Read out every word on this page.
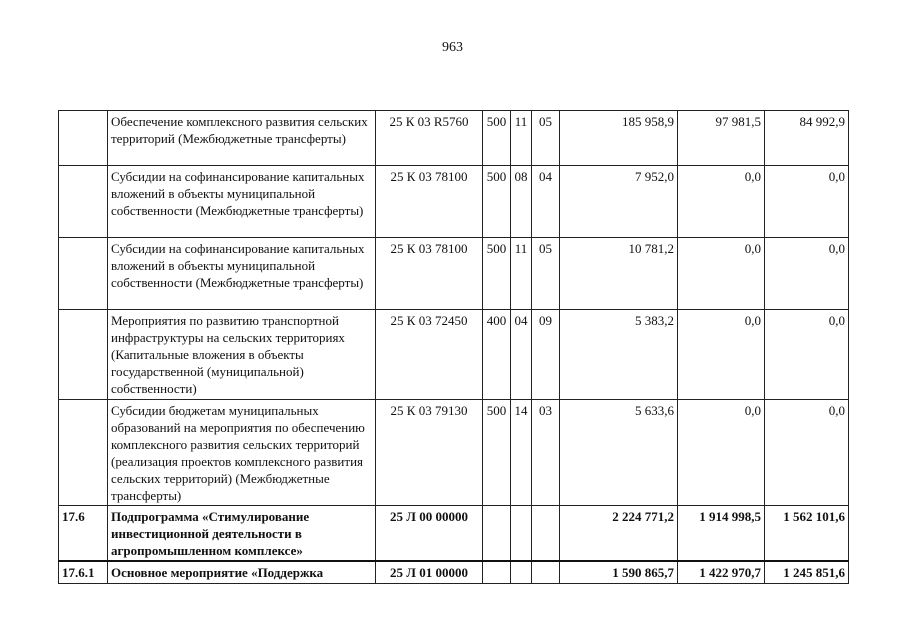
963
	Обеспечение комплексного развития сельских территорий (Межбюджетные трансферты)	25 К 03 R5760	500	11	05	185 958,9	97 981,5	84 992,9
	Субсидии на софинансирование капитальных вложений в объекты муниципальной собственности (Межбюджетные трансферты)	25 К 03 78100	500	08	04	7 952,0	0,0	0,0
	Субсидии на софинансирование капитальных вложений в объекты муниципальной собственности (Межбюджетные трансферты)	25 К 03 78100	500	11	05	10 781,2	0,0	0,0
	Мероприятия по развитию транспортной инфраструктуры на сельских территориях (Капитальные вложения в объекты государственной (муниципальной) собственности)	25 К 03 72450	400	04	09	5 383,2	0,0	0,0
	Субсидии бюджетам муниципальных образований на мероприятия по обеспечению комплексного развития сельских территорий (реализация проектов комплексного развития сельских территорий) (Межбюджетные трансферты)	25 К 03 79130	500	14	03	5 633,6	0,0	0,0
17.6	Подпрограмма «Стимулирование инвестиционной деятельности в агропромышленном комплексе»	25 Л 00 00000				2 224 771,2	1 914 998,5	1 562 101,6
17.6.1	Основное мероприятие «Поддержка	25 Л 01 00000				1 590 865,7	1 422 970,7	1 245 851,6
